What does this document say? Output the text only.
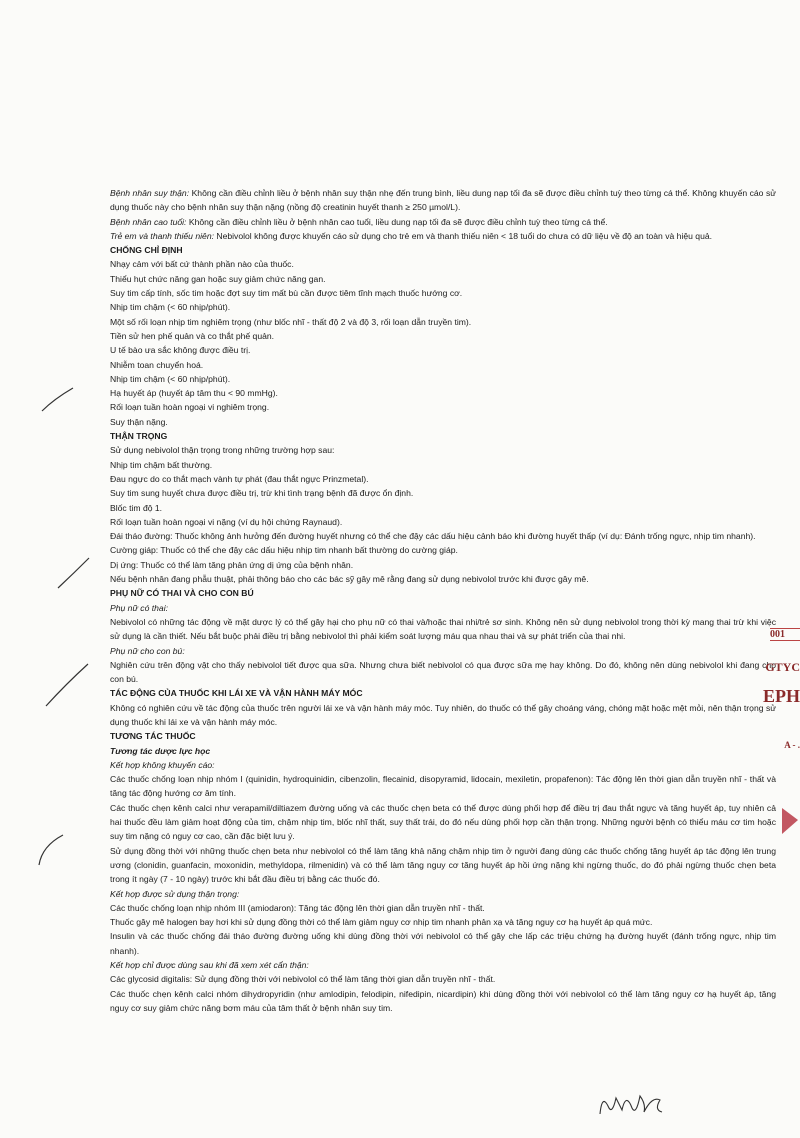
Bệnh nhân suy thận: Không cần điều chỉnh liều ở bệnh nhân suy thận nhẹ đến trung bình, liều dung nạp tối đa sẽ được điều chỉnh tuỳ theo từng cá thể. Không khuyến cáo sử dụng thuốc này cho bệnh nhân suy thận nặng (nồng độ creatinin huyết thanh ≥ 250 µmol/L).

Bệnh nhân cao tuổi: Không cần điều chỉnh liều ở bệnh nhân cao tuổi, liều dung nạp tối đa sẽ được điều chỉnh tuỳ theo từng cá thể.

Trẻ em và thanh thiếu niên: Nebivolol không được khuyến cáo sử dụng cho trẻ em và thanh thiếu niên < 18 tuổi do chưa có dữ liệu về độ an toàn và hiệu quả.

CHỐNG CHỈ ĐỊNH

Nhạy cảm với bất cứ thành phần nào của thuốc.

Thiểu hụt chức năng gan hoặc suy giảm chức năng gan.

Suy tim cấp tính, sốc tim hoặc đợt suy tim mất bù cần được tiêm tĩnh mạch thuốc hướng cơ.

Nhịp tim chậm (< 60 nhịp/phút).

Một số rối loạn nhịp tim nghiêm trọng (như blốc nhĩ - thất độ 2 và độ 3, rối loạn dẫn truyền tim).

Tiền sử hen phế quản và co thắt phế quản.

U tế bào ưa sắc không được điều trị.

Nhiễm toan chuyển hoá.

Nhịp tim chậm (< 60 nhịp/phút).

Hạ huyết áp (huyết áp tâm thu < 90 mmHg).

Rối loạn tuần hoàn ngoại vi nghiêm trọng.

Suy thận nặng.

THẬN TRỌNG

Sử dụng nebivolol thận trọng trong những trường hợp sau:

Nhịp tim chậm bất thường.

Đau ngực do co thắt mạch vành tự phát (đau thắt ngực Prinzmetal).

Suy tim sung huyết chưa được điều trị, trừ khi tình trạng bệnh đã được ổn định.

Blốc tim độ 1.

Rối loạn tuần hoàn ngoại vi nặng (ví dụ hội chứng Raynaud).

Đái tháo đường: Thuốc không ảnh hưởng đến đường huyết nhưng có thể che đậy các dấu hiệu cảnh báo khi đường huyết thấp (ví dụ: Đánh trống ngực, nhịp tim nhanh).

Cường giáp: Thuốc có thể che đậy các dấu hiệu nhịp tim nhanh bất thường do cường giáp.

Dị ứng: Thuốc có thể làm tăng phản ứng dị ứng của bệnh nhân.

Nếu bệnh nhân đang phẫu thuật, phải thông báo cho các bác sỹ gây mê rằng đang sử dụng nebivolol trước khi được gây mê.

PHỤ NỮ CÓ THAI VÀ CHO CON BÚ

Phụ nữ có thai:

Nebivolol có những tác động về mặt dược lý có thể gây hại cho phụ nữ có thai và/hoặc thai nhi/trẻ sơ sinh. Không nên sử dụng nebivolol trong thời kỳ mang thai trừ khi việc sử dụng là cần thiết. Nếu bắt buộc phải điều trị bằng nebivolol thì phải kiểm soát lượng máu qua nhau thai và sự phát triển của thai nhi.

Phụ nữ cho con bú:

Nghiên cứu trên động vật cho thấy nebivolol tiết được qua sữa. Nhưng chưa biết nebivolol có qua được sữa mẹ hay không. Do đó, không nên dùng nebivolol khi đang cho con bú.

TÁC ĐỘNG CỦA THUỐC KHI LÁI XE VÀ VẬN HÀNH MÁY MÓC

Không có nghiên cứu về tác động của thuốc trên người lái xe và vận hành máy móc. Tuy nhiên, do thuốc có thể gây choáng váng, chóng mặt hoặc mệt mỏi, nên thận trọng sử dụng thuốc khi lái xe và vận hành máy móc.

TƯƠNG TÁC THUỐC

Tương tác dược lực học

Kết hợp không khuyến cáo:

Các thuốc chống loạn nhịp nhóm I (quinidin, hydroquinidin, cibenzolin, flecainid, disopyramid, lidocain, mexiletin, propafenon): Tác động lên thời gian dẫn truyền nhĩ - thất và tăng tác động hướng cơ âm tính.

Các thuốc chẹn kênh calci như verapamil/diltiazem đường uống và các thuốc chẹn beta có thể được dùng phối hợp để điều trị đau thắt ngực và tăng huyết áp, tuy nhiên cả hai thuốc đều làm giảm hoạt động của tim, chậm nhịp tim, blốc nhĩ thất, suy thất trái, do đó nếu dùng phối hợp cần thận trọng. Những người bệnh có thiểu máu cơ tim hoặc suy tim nặng có nguy cơ cao, cần đặc biệt lưu ý.

Sử dụng đồng thời với những thuốc chẹn beta như nebivolol có thể làm tăng khả năng chậm nhịp tim ở người đang dùng các thuốc chống tăng huyết áp tác động lên trung ương (clonidin, guanfacin, moxonidin, methyldopa, rilmenidin) và có thể làm tăng nguy cơ tăng huyết áp hồi ứng nặng khi ngừng thuốc, do đó phải ngừng thuốc chẹn beta trong ít ngày (7 - 10 ngày) trước khi bắt đầu điều trị bằng các thuốc đó.

Kết hợp được sử dụng thận trọng:

Các thuốc chống loạn nhịp nhóm III (amiodaron): Tăng tác động lên thời gian dẫn truyền nhĩ - thất.

Thuốc gây mê halogen bay hơi khi sử dụng đồng thời có thể làm giảm nguy cơ nhịp tim nhanh phản xạ và tăng nguy cơ hạ huyết áp quá mức.

Insulin và các thuốc chống đái tháo đường đường uống khi dùng đồng thời với nebivolol có thể gây che lấp các triệu chứng hạ đường huyết (đánh trống ngực, nhịp tim nhanh).

Kết hợp chỉ được dùng sau khi đã xem xét cẩn thận:

Các glycosid digitalis: Sử dụng đồng thời với nebivolol có thể làm tăng thời gian dẫn truyền nhĩ - thất.

Các thuốc chẹn kênh calci nhóm dihydropyridin (như amlodipin, felodipin, nifedipin, nicardipin) khi dùng đồng thời với nebivolol có thể làm tăng nguy cơ hạ huyết áp, tăng nguy cơ suy giảm chức năng bơm máu của tâm thất ở bệnh nhân suy tim.

001
GTYC
EPH
A - .
